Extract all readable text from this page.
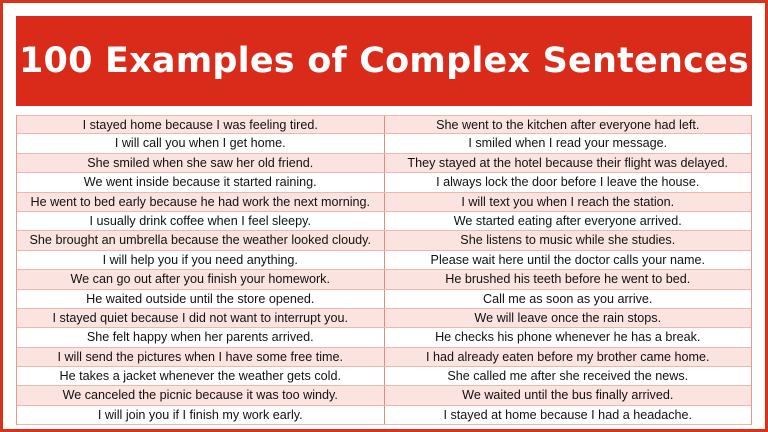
100 Examples of Complex Sentences
I stayed home because I was feeling tired.	She went to the kitchen after everyone had left.
I will call you when I get home.	I smiled when I read your message.
She smiled when she saw her old friend.	They stayed at the hotel because their flight was delayed.
We went inside because it started raining.	I always lock the door before I leave the house.
He went to bed early because he had work the next morning.	I will text you when I reach the station.
I usually drink coffee when I feel sleepy.	We started eating after everyone arrived.
She brought an umbrella because the weather looked cloudy.	She listens to music while she studies.
I will help you if you need anything.	Please wait here until the doctor calls your name.
We can go out after you finish your homework.	He brushed his teeth before he went to bed.
He waited outside until the store opened.	Call me as soon as you arrive.
I stayed quiet because I did not want to interrupt you.	We will leave once the rain stops.
She felt happy when her parents arrived.	He checks his phone whenever he has a break.
I will send the pictures when I have some free time.	I had already eaten before my brother came home.
He takes a jacket whenever the weather gets cold.	She called me after she received the news.
We canceled the picnic because it was too windy.	We waited until the bus finally arrived.
I will join you if I finish my work early.	I stayed at home because I had a headache.
